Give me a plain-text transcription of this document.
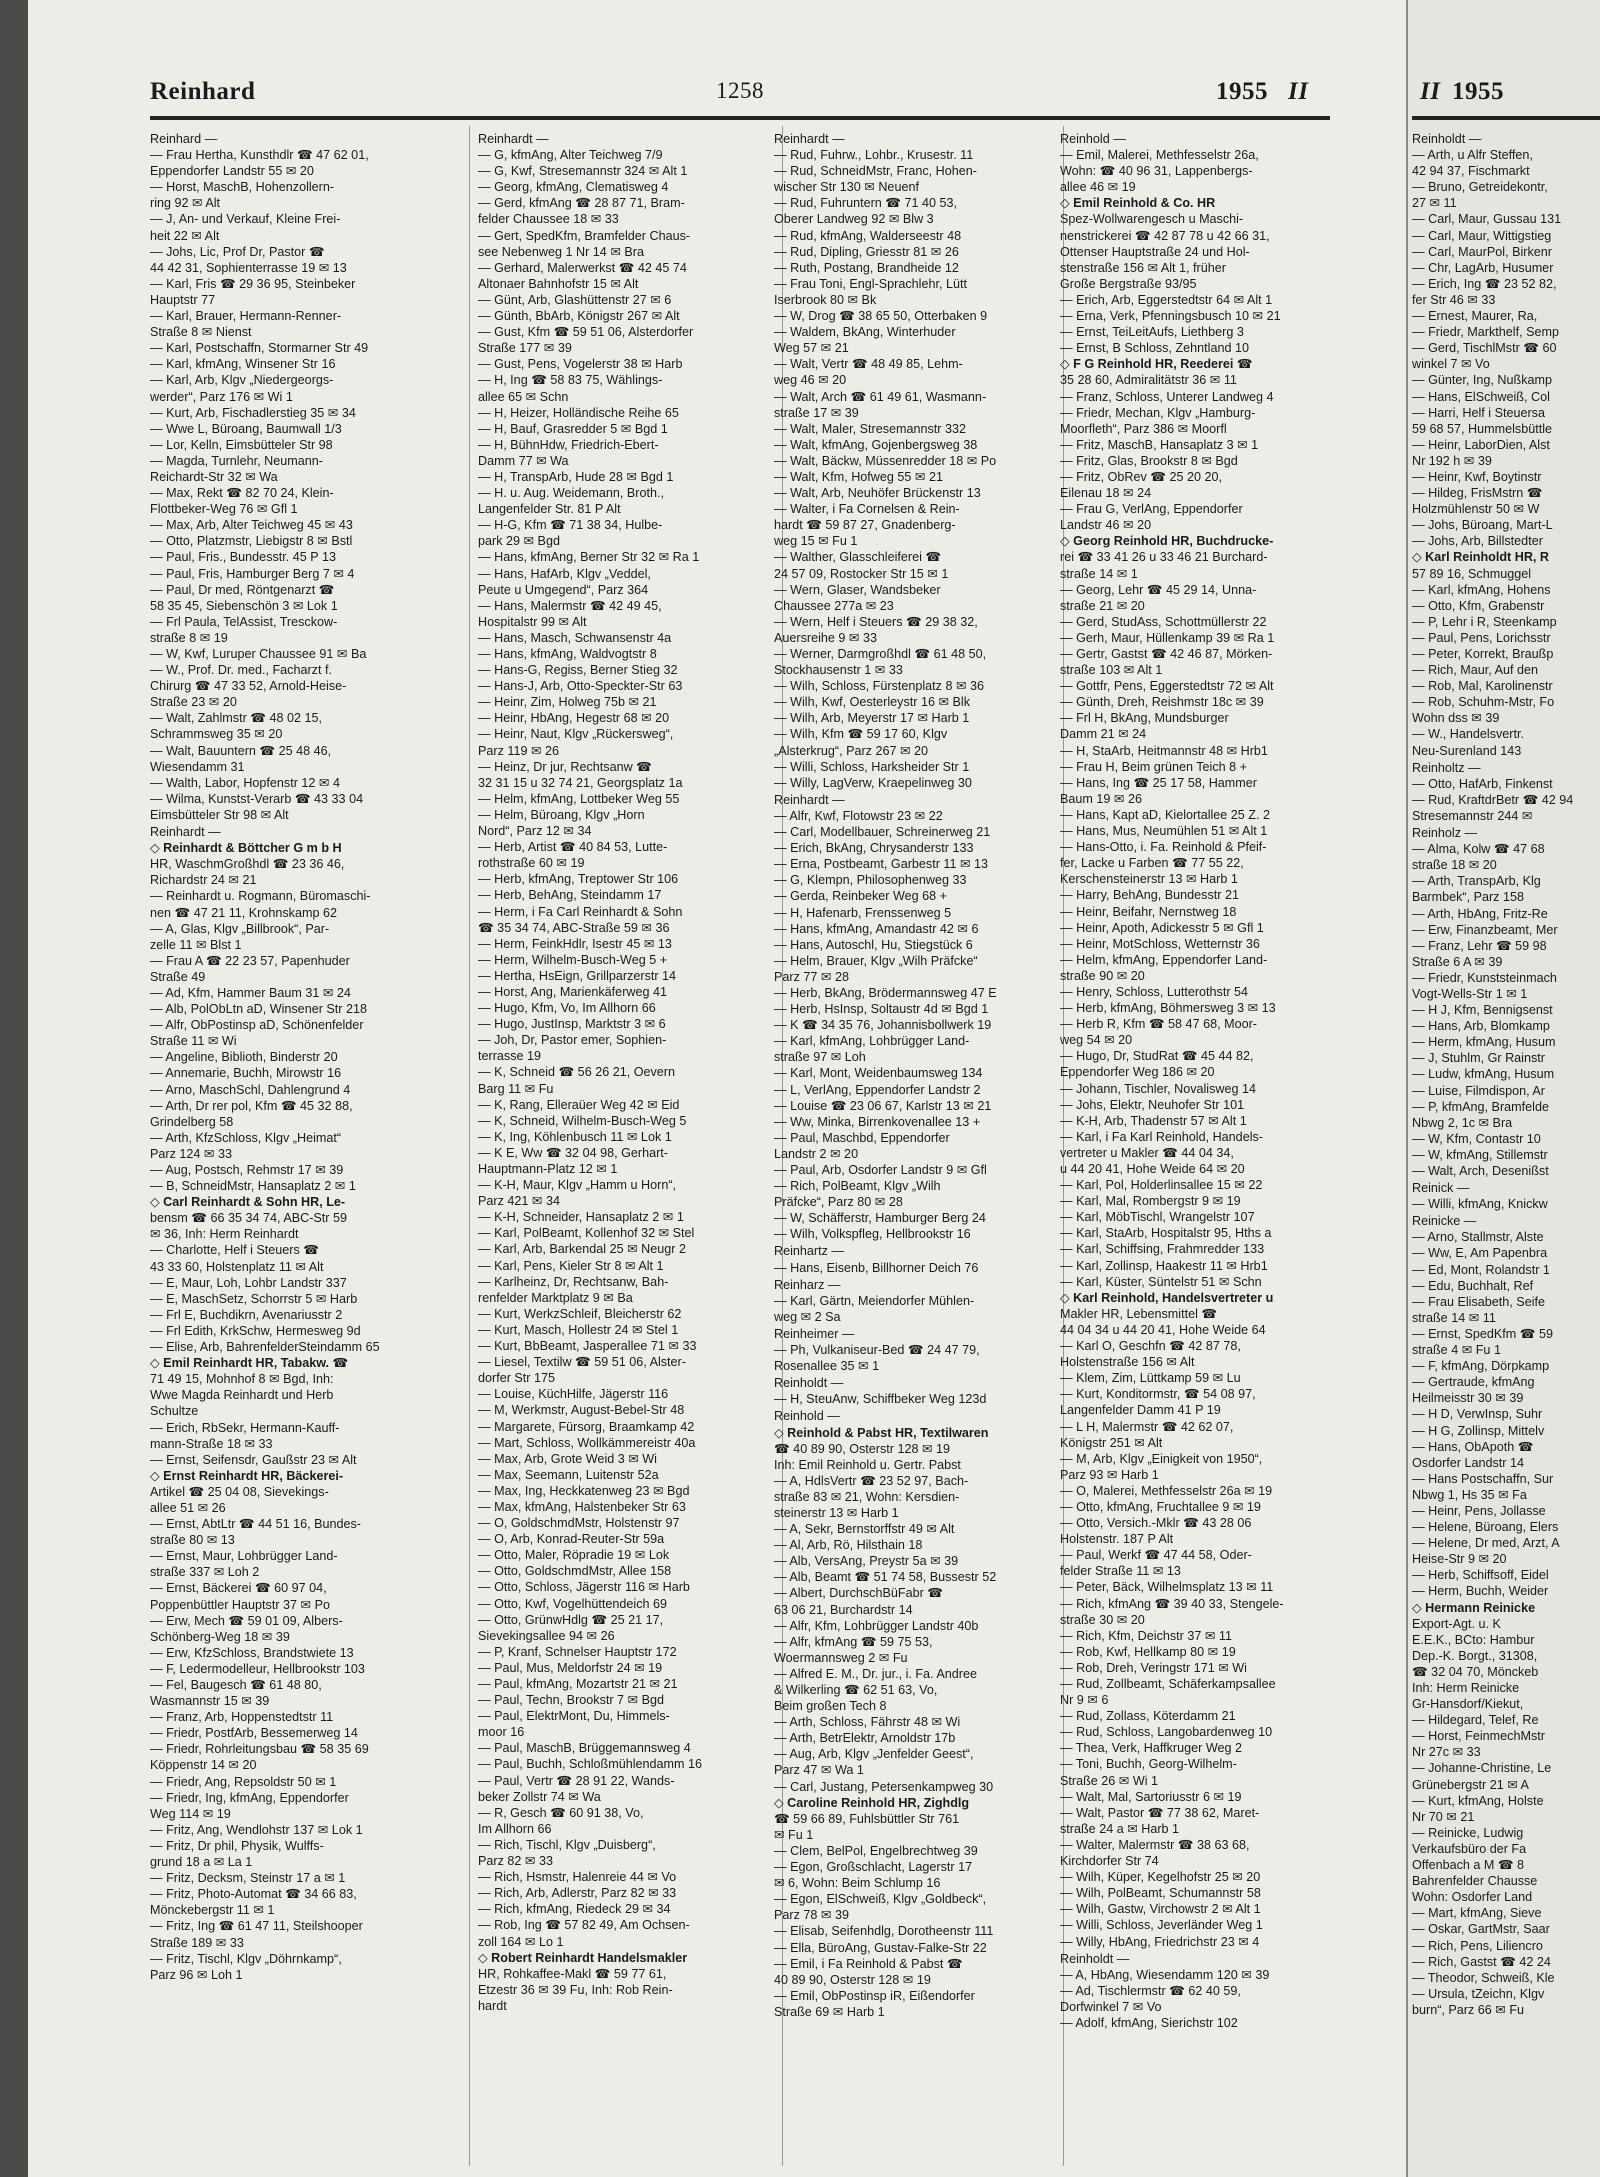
Reinhard	1258	1955 II	II 1955
Reinhard —
— Frau Hertha, Kunsthdlr ☎ 47 62 01,
Eppendorfer Landstr 55 ✉ 20
— Horst, MaschB, Hohenzollern-
ring 92 ✉ Alt
— J, An- und Verkauf, Kleine Frei-
heit 22 ✉ Alt
— Johs, Lic, Prof Dr, Pastor ☎
44 42 31, Sophienterrasse 19 ✉ 13
— Karl, Fris ☎ 29 36 95, Steinbeker
Hauptstr 77
— Karl, Brauer, Hermann-Renner-
Straße 8 ✉ Nienst
— Karl, Postschaffn, Stormarner Str 49
— Karl, kfmAng, Winsener Str 16
— Karl, Arb, Klgv „Niedergeorgs-
werder“, Parz 176 ✉ Wi 1
— Kurt, Arb, Fischadlerstieg 35 ✉ 34
— Wwe L, Büroang, Baumwall 1/3
— Lor, Kelln, Eimsbütteler Str 98
— Magda, Turnlehr, Neumann-
Reichardt-Str 32 ✉ Wa
— Max, Rekt ☎ 82 70 24, Klein-
Flottbeker-Weg 76 ✉ Gfl 1
— Max, Arb, Alter Teichweg 45 ✉ 43
— Otto, Platzmstr, Liebigstr 8 ✉ Bstl
— Paul, Fris., Bundesstr. 45 P 13
— Paul, Fris, Hamburger Berg 7 ✉ 4
— Paul, Dr med, Röntgenarzt ☎
58 35 45, Siebenschön 3 ✉ Lok 1
— Frl Paula, TelAssist, Tresckow-
straße 8 ✉ 19
— W, Kwf, Luruper Chaussee 91 ✉ Ba
— W., Prof. Dr. med., Facharzt f.
Chirurg ☎ 47 33 52, Arnold-Heise-
Straße 23 ✉ 20
— Walt, Zahlmstr ☎ 48 02 15,
Schrammsweg 35 ✉ 20
— Walt, Bauuntern ☎ 25 48 46,
Wiesendamm 31
— Walth, Labor, Hopfenstr 12 ✉ 4
— Wilma, Kunstst-Verarb ☎ 43 33 04
Eimsbütteler Str 98 ✉ Alt
Reinhardt —
◇ Reinhardt & Böttcher G m b H
HR, WaschmGroßhdl ☎ 23 36 46,
Richardstr 24 ✉ 21
— Reinhardt u. Rogmann, Büromaschi-
nen ☎ 47 21 11, Krohnskamp 62
— A, Glas, Klgv „Billbrook“, Par-
zelle 11 ✉ Blst 1
— Frau A ☎ 22 23 57, Papenhuder
Straße 49
— Ad, Kfm, Hammer Baum 31 ✉ 24
— Alb, PolObLtn aD, Winsener Str 218
— Alfr, ObPostinsp aD, Schönenfelder
Straße 11 ✉ Wi
— Angeline, Biblioth, Binderstr 20
— Annemarie, Buchh, Mirowstr 16
— Arno, MaschSchl, Dahlengrund 4
— Arth, Dr rer pol, Kfm ☎ 45 32 88,
Grindelberg 58
— Arth, KfzSchloss, Klgv „Heimat“
Parz 124 ✉ 33
— Aug, Postsch, Rehmstr 17 ✉ 39
— B, SchneidMstr, Hansaplatz 2 ✉ 1
◇ Carl Reinhardt & Sohn HR, Le-
bensm ☎ 66 35 34 74, ABC-Str 59
✉ 36, Inh: Herm Reinhardt
— Charlotte, Helf i Steuers ☎
43 33 60, Holstenplatz 11 ✉ Alt
— E, Maur, Loh, Lohbr Landstr 337
— E, MaschSetz, Schorrstr 5 ✉ Harb
— Frl E, Buchdikrn, Avenariusstr 2
— Frl Edith, KrkSchw, Hermesweg 9d
— Elise, Arb, BahrenfelderSteindamm 65
◇ Emil Reinhardt HR, Tabakw. ☎
71 49 15, Mohnhof 8 ✉ Bgd, Inh:
Wwe Magda Reinhardt und Herb
Schultze
— Erich, RbSekr, Hermann-Kauff-
mann-Straße 18 ✉ 33
— Ernst, Seifensdr, Gaußstr 23 ✉ Alt
◇ Ernst Reinhardt HR, Bäckerei-
Artikel ☎ 25 04 08, Sievekings-
allee 51 ✉ 26
— Ernst, AbtLtr ☎ 44 51 16, Bundes-
straße 80 ✉ 13
— Ernst, Maur, Lohbrügger Land-
straße 337 ✉ Loh 2
— Ernst, Bäckerei ☎ 60 97 04,
Poppenbüttler Hauptstr 37 ✉ Po
— Erw, Mech ☎ 59 01 09, Albers-
Schönberg-Weg 18 ✉ 39
— Erw, KfzSchloss, Brandstwiete 13
— F, Ledermodelleur, Hellbrookstr 103
— Fel, Baugesch ☎ 61 48 80,
Wasmannstr 15 ✉ 39
— Franz, Arb, Hoppenstedtstr 11
— Friedr, PostfArb, Bessemerweg 14
— Friedr, Rohrleitungsbau ☎ 58 35 69
Köppenstr 14 ✉ 20
— Friedr, Ang, Repsoldstr 50 ✉ 1
— Friedr, Ing, kfmAng, Eppendorfer
Weg 114 ✉ 19
— Fritz, Ang, Wendlohstr 137 ✉ Lok 1
— Fritz, Dr phil, Physik, Wulffs-
grund 18 a ✉ La 1
— Fritz, Decksm, Steinstr 17 a ✉ 1
— Fritz, Photo-Automat ☎ 34 66 83,
Mönckebergstr 11 ✉ 1
— Fritz, Ing ☎ 61 47 11, Steilshooper
Straße 189 ✉ 33
— Fritz, Tischl, Klgv „Döhrnkamp“,
Parz 96 ✉ Loh 1
Reinhardt —
— G, kfmAng, Alter Teichweg 7/9
— G, Kwf, Stresemannstr 324 ✉ Alt 1
— Georg, kfmAng, Clematisweg 4
— Gerd, kfmAng ☎ 28 87 71, Bram-
felder Chaussee 18 ✉ 33
— Gert, SpedKfm, Bramfelder Chaus-
see Nebenweg 1 Nr 14 ✉ Bra
— Gerhard, Malerwerkst ☎ 42 45 74
Altonaer Bahnhofstr 15 ✉ Alt
— Günt, Arb, Glashüttenstr 27 ✉ 6
— Günth, BbArb, Königstr 267 ✉ Alt
— Gust, Kfm ☎ 59 51 06, Alsterdorfer
Straße 177 ✉ 39
— Gust, Pens, Vogelerstr 38 ✉ Harb
— H, Ing ☎ 58 83 75, Wählings-
allee 65 ✉ Schn
— H, Heizer, Holländische Reihe 65
— H, Bauf, Grasredder 5 ✉ Bgd 1
— H, BühnHdw, Friedrich-Ebert-
Damm 77 ✉ Wa
— H, TranspArb, Hude 28 ✉ Bgd 1
— H. u. Aug. Weidemann, Broth.,
Langenfelder Str. 81 P Alt
— H-G, Kfm ☎ 71 38 34, Hulbe-
park 29 ✉ Bgd
— Hans, kfmAng, Berner Str 32 ✉ Ra 1
— Hans, HafArb, Klgv „Veddel,
Peute u Umgegend“, Parz 364
— Hans, Malermstr ☎ 42 49 45,
Hospitalstr 99 ✉ Alt
— Hans, Masch, Schwansenstr 4a
— Hans, kfmAng, Waldvogtstr 8
— Hans-G, Regiss, Berner Stieg 32
— Hans-J, Arb, Otto-Speckter-Str 63
— Heinr, Zim, Holweg 75b ✉ 21
— Heinr, HbAng, Hegestr 68 ✉ 20
— Heinr, Naut, Klgv „Rückersweg“,
Parz 119 ✉ 26
— Heinz, Dr jur, Rechtsanw ☎
32 31 15 u 32 74 21, Georgsplatz 1a
— Helm, kfmAng, Lottbeker Weg 55
— Helm, Büroang, Klgv „Horn
Nord“, Parz 12 ✉ 34
— Herb, Artist ☎ 40 84 53, Lutte-
rothstraße 60 ✉ 19
— Herb, kfmAng, Treptower Str 106
— Herb, BehAng, Steindamm 17
— Herm, i Fa Carl Reinhardt & Sohn
☎ 35 34 74, ABC-Straße 59 ✉ 36
— Herm, FeinkHdlr, Isestr 45 ✉ 13
— Herm, Wilhelm-Busch-Weg 5 +
— Hertha, HsEign, Grillparzerstr 14
— Horst, Ang, Marienkäferweg 41
— Hugo, Kfm, Vo, Im Allhorn 66
— Hugo, JustInsp, Marktstr 3 ✉ 6
— Joh, Dr, Pastor emer, Sophien-
terrasse 19
— K, Schneid ☎ 56 26 21, Oevern
Barg 11 ✉ Fu
— K, Rang, Elleraüer Weg 42 ✉ Eid
— K, Schneid, Wilhelm-Busch-Weg 5
— K, Ing, Köhlenbusch 11 ✉ Lok 1
— K E, Ww ☎ 32 04 98, Gerhart-
Hauptmann-Platz 12 ✉ 1
— K-H, Maur, Klgv „Hamm u Horn“,
Parz 421 ✉ 34
— K-H, Schneider, Hansaplatz 2 ✉ 1
— Karl, PolBeamt, Kollenhof 32 ✉ Stel
— Karl, Arb, Barkendal 25 ✉ Neugr 2
— Karl, Pens, Kieler Str 8 ✉ Alt 1
— Karlheinz, Dr, Rechtsanw, Bah-
renfelder Marktplatz 9 ✉ Ba
— Kurt, WerkzSchleif, Bleicherstr 62
— Kurt, Masch, Hollestr 24 ✉ Stel 1
— Kurt, BbBeamt, Jasperallee 71 ✉ 33
— Liesel, Textilw ☎ 59 51 06, Alster-
dorfer Str 175
— Louise, KüchHilfe, Jägerstr 116
— M, Werkmstr, August-Bebel-Str 48
— Margarete, Fürsorg, Braamkamp 42
— Mart, Schloss, Wollkämmereistr 40a
— Max, Arb, Grote Weid 3 ✉ Wi
— Max, Seemann, Luitenstr 52a
— Max, Ing, Heckkatenweg 23 ✉ Bgd
— Max, kfmAng, Halstenbeker Str 63
— O, GoldschmdMstr, Holstenstr 97
— O, Arb, Konrad-Reuter-Str 59a
— Otto, Maler, Röpradie 19 ✉ Lok
— Otto, GoldschmdMstr, Allee 158
— Otto, Schloss, Jägerstr 116 ✉ Harb
— Otto, Kwf, Vogelhüttendeich 69
— Otto, GrünwHdlg ☎ 25 21 17,
Sievekingsallee 94 ✉ 26
— P, Kranf, Schnelser Hauptstr 172
— Paul, Mus, Meldorfstr 24 ✉ 19
— Paul, kfmAng, Mozartstr 21 ✉ 21
— Paul, Techn, Brookstr 7 ✉ Bgd
— Paul, ElektrMont, Du, Himmels-
moor 16
— Paul, MaschB, Brüggemannsweg 4
— Paul, Buchh, Schloßmühlendamm 16
— Paul, Vertr ☎ 28 91 22, Wands-
beker Zollstr 74 ✉ Wa
— R, Gesch ☎ 60 91 38, Vo,
Im Allhorn 66
— Rich, Tischl, Klgv „Duisberg“,
Parz 82 ✉ 33
— Rich, Hsmstr, Halenreie 44 ✉ Vo
— Rich, Arb, Adlerstr, Parz 82 ✉ 33
— Rich, kfmAng, Riedeck 29 ✉ 34
— Rob, Ing ☎ 57 82 49, Am Ochsen-
zoll 164 ✉ Lo 1
◇ Robert Reinhardt Handelsmakler
HR, Rohkaffee-Makl ☎ 59 77 61,
Etzestr 36 ✉ 39 Fu, Inh: Rob Rein-
hardt
Reinhardt —
— Rud, Fuhrw., Lohbr., Krusestr. 11
— Rud, SchneidMstr, Franc, Hohen-
wischer Str 130 ✉ Neuenf
— Rud, Fuhruntern ☎ 71 40 53,
Oberer Landweg 92 ✉ Blw 3
— Rud, kfmAng, Walderseestr 48
— Rud, Dipling, Griesstr 81 ✉ 26
— Ruth, Postang, Brandheide 12
— Frau Toni, Engl-Sprachlehr, Lütt
Iserbrook 80 ✉ Bk
— W, Drog ☎ 38 65 50, Otterbaken 9
— Waldem, BkAng, Winterhuder
Weg 57 ✉ 21
— Walt, Vertr ☎ 48 49 85, Lehm-
weg 46 ✉ 20
— Walt, Arch ☎ 61 49 61, Wasmann-
straße 17 ✉ 39
— Walt, Maler, Stresemannstr 332
— Walt, kfmAng, Gojenbergsweg 38
— Walt, Bäckw, Müssenredder 18 ✉ Po
— Walt, Kfm, Hofweg 55 ✉ 21
— Walt, Arb, Neuhöfer Brückenstr 13
— Walter, i Fa Cornelsen & Rein-
hardt ☎ 59 87 27, Gnadenberg-
weg 15 ✉ Fu 1
— Walther, Glasschleiferei ☎
24 57 09, Rostocker Str 15 ✉ 1
— Wern, Glaser, Wandsbeker
Chaussee 277a ✉ 23
— Wern, Helf i Steuers ☎ 29 38 32,
Auersreihe 9 ✉ 33
— Werner, Darmgroßhdl ☎ 61 48 50,
Stockhausenstr 1 ✉ 33
— Wilh, Schloss, Fürstenplatz 8 ✉ 36
— Wilh, Kwf, Oesterleystr 16 ✉ Blk
— Wilh, Arb, Meyerstr 17 ✉ Harb 1
— Wilh, Kfm ☎ 59 17 60, Klgv
„Alsterkrug“, Parz 267 ✉ 20
— Willi, Schloss, Harksheider Str 1
— Willy, LagVerw, Kraepelinweg 30
Reinhardt —
— Alfr, Kwf, Flotowstr 23 ✉ 22
— Carl, Modellbauer, Schreinerweg 21
— Erich, BkAng, Chrysanderstr 133
— Erna, Postbeamt, Garbestr 11 ✉ 13
— G, Klempn, Philosophenweg 33
— Gerda, Reinbeker Weg 68 +
— H, Hafenarb, Frenssenweg 5
— Hans, kfmAng, Amandastr 42 ✉ 6
— Hans, Autoschl, Hu, Stiegstück 6
— Helm, Brauer, Klgv „Wilh Präfcke“
Parz 77 ✉ 28
— Herb, BkAng, Brödermannsweg 47 E
— Herb, HsInsp, Soltaustr 4d ✉ Bgd 1
— K ☎ 34 35 76, Johannisbollwerk 19
— Karl, kfmAng, Lohbrügger Land-
straße 97 ✉ Loh
— Karl, Mont, Weidenbaumsweg 134
— L, VerlAng, Eppendorfer Landstr 2
— Louise ☎ 23 06 67, Karlstr 13 ✉ 21
— Ww, Minka, Birrenkovenallee 13 +
— Paul, Maschbd, Eppendorfer
Landstr 2 ✉ 20
— Paul, Arb, Osdorfer Landstr 9 ✉ Gfl
— Rich, PolBeamt, Klgv „Wilh
Präfcke“, Parz 80 ✉ 28
— W, Schäfferstr, Hamburger Berg 24
— Wilh, Volkspfleg, Hellbrookstr 16
Reinhartz —
— Hans, Eisenb, Billhorner Deich 76
Reinharz —
— Karl, Gärtn, Meiendorfer Mühlen-
weg ✉ 2 Sa
Reinheimer —
— Ph, Vulkaniseur-Bed ☎ 24 47 79,
Rosenallee 35 ✉ 1
Reinholdt —
— H, SteuAnw, Schiffbeker Weg 123d
Reinhold —
◇ Reinhold & Pabst HR, Textilwaren
☎ 40 89 90, Osterstr 128 ✉ 19
Inh: Emil Reinhold u. Gertr. Pabst
— A, HdlsVertr ☎ 23 52 97, Bach-
straße 83 ✉ 21, Wohn: Kersdien-
steinerstr 13 ✉ Harb 1
— A, Sekr, Bernstorffstr 49 ✉ Alt
— Al, Arb, Rö, Hilsthain 18
— Alb, VersAng, Preystr 5a ✉ 39
— Alb, Beamt ☎ 51 74 58, Bussestr 52
— Albert, DurchschBüFabr ☎
63 06 21, Burchardstr 14
— Alfr, Kfm, Lohbrügger Landstr 40b
— Alfr, kfmAng ☎ 59 75 53,
Woermannsweg 2 ✉ Fu
— Alfred E. M., Dr. jur., i. Fa. Andree
& Wilkerling ☎ 62 51 63, Vo,
Beim großen Tech 8
— Arth, Schloss, Fährstr 48 ✉ Wi
— Arth, BetrElektr, Arnoldstr 17b
— Aug, Arb, Klgv „Jenfelder Geest“,
Parz 47 ✉ Wa 1
— Carl, Justang, Petersenkampweg 30
◇ Caroline Reinhold HR, Zighdlg
☎ 59 66 89, Fuhlsbüttler Str 761
✉ Fu 1
— Clem, BelPol, Engelbrechtweg 39
— Egon, Großschlacht, Lagerstr 17
✉ 6, Wohn: Beim Schlump 16
— Egon, ElSchweiß, Klgv „Goldbeck“,
Parz 78 ✉ 39
— Elisab, Seifenhdlg, Dorotheenstr 111
— Ella, BüroAng, Gustav-Falke-Str 22
— Emil, i Fa Reinhold & Pabst ☎
40 89 90, Osterstr 128 ✉ 19
— Emil, ObPostinsp iR, Eißendorfer
Straße 69 ✉ Harb 1
Reinhold —
— Emil, Malerei, Methfesselstr 26a,
Wohn: ☎ 40 96 31, Lappenbergs-
allee 46 ✉ 19
◇ Emil Reinhold & Co. HR
Spez-Wollwarengesch u Maschi-
nenstrickerei ☎ 42 87 78 u 42 66 31,
Ottenser Hauptstraße 24 und Hol-
stenstraße 156 ✉ Alt 1, früher
Große Bergstraße 93/95
— Erich, Arb, Eggerstedtstr 64 ✉ Alt 1
— Erna, Verk, Pfenningsbusch 10 ✉ 21
— Ernst, TeiLeitAufs, Liethberg 3
— Ernst, B Schloss, Zehntland 10
◇ F G Reinhold HR, Reederei ☎
35 28 60, Admiralitätstr 36 ✉ 11
— Franz, Schloss, Unterer Landweg 4
— Friedr, Mechan, Klgv „Hamburg-
Moorfleth“, Parz 386 ✉ Moorfl
— Fritz, MaschB, Hansaplatz 3 ✉ 1
— Fritz, Glas, Brookstr 8 ✉ Bgd
— Fritz, ObRev ☎ 25 20 20,
Eilenau 18 ✉ 24
— Frau G, VerlAng, Eppendorfer
Landstr 46 ✉ 20
◇ Georg Reinhold HR, Buchdrucke-
rei ☎ 33 41 26 u 33 46 21 Burchard-
straße 14 ✉ 1
— Georg, Lehr ☎ 45 29 14, Unna-
straße 21 ✉ 20
— Gerd, StudAss, Schottmüllerstr 22
— Gerh, Maur, Hüllenkamp 39 ✉ Ra 1
— Gertr, Gastst ☎ 42 46 87, Mörken-
straße 103 ✉ Alt 1
— Gottfr, Pens, Eggerstedtstr 72 ✉ Alt
— Günth, Dreh, Reishmstr 18c ✉ 39
— Frl H, BkAng, Mundsburger
Damm 21 ✉ 24
— H, StaArb, Heitmannstr 48 ✉ Hrb1
— Frau H, Beim grünen Teich 8 +
— Hans, Ing ☎ 25 17 58, Hammer
Baum 19 ✉ 26
— Hans, Kapt aD, Kielortallee 25 Z. 2
— Hans, Mus, Neumühlen 51 ✉ Alt 1
— Hans-Otto, i. Fa. Reinhold & Pfeif-
fer, Lacke u Farben ☎ 77 55 22,
Kerschensteinerstr 13 ✉ Harb 1
— Harry, BehAng, Bundesstr 21
— Heinr, Beifahr, Nernstweg 18
— Heinr, Apoth, Adickesstr 5 ✉ Gfl 1
— Heinr, MotSchloss, Wetternstr 36
— Helm, kfmAng, Eppendorfer Land-
straße 90 ✉ 20
— Henry, Schloss, Lutterothstr 54
— Herb, kfmAng, Böhmersweg 3 ✉ 13
— Herb R, Kfm ☎ 58 47 68, Moor-
weg 54 ✉ 20
— Hugo, Dr, StudRat ☎ 45 44 82,
Eppendorfer Weg 186 ✉ 20
— Johann, Tischler, Novalisweg 14
— Johs, Elektr, Neuhofer Str 101
— K-H, Arb, Thadenstr 57 ✉ Alt 1
— Karl, i Fa Karl Reinhold, Handels-
vertreter u Makler ☎ 44 04 34,
u 44 20 41, Hohe Weide 64 ✉ 20
— Karl, Pol, Holderlinsallee 15 ✉ 22
— Karl, Mal, Rombergstr 9 ✉ 19
— Karl, MöbTischl, Wrangelstr 107
— Karl, StaArb, Hospitalstr 95, Hths a
— Karl, Schiffsing, Frahmredder 133
— Karl, Zollinsp, Haakestr 11 ✉ Hrb1
— Karl, Küster, Süntelstr 51 ✉ Schn
◇ Karl Reinhold, Handelsvertreter u
Makler HR, Lebensmittel ☎
44 04 34 u 44 20 41, Hohe Weide 64
— Karl O, Geschfn ☎ 42 87 78,
Holstenstraße 156 ✉ Alt
— Klem, Zim, Lüttkamp 59 ✉ Lu
— Kurt, Konditormstr, ☎ 54 08 97,
Langenfelder Damm 41 P 19
— L H, Malermstr ☎ 42 62 07,
Königstr 251 ✉ Alt
— M, Arb, Klgv „Einigkeit von 1950“,
Parz 93 ✉ Harb 1
— O, Malerei, Methfesselstr 26a ✉ 19
— Otto, kfmAng, Fruchtallee 9 ✉ 19
— Otto, Versich.-Mklr ☎ 43 28 06
Holstenstr. 187 P Alt
— Paul, Werkf ☎ 47 44 58, Oder-
felder Straße 11 ✉ 13
— Peter, Bäck, Wilhelmsplatz 13 ✉ 11
— Rich, kfmAng ☎ 39 40 33, Stengele-
straße 30 ✉ 20
— Rich, Kfm, Deichstr 37 ✉ 11
— Rob, Kwf, Hellkamp 80 ✉ 19
— Rob, Dreh, Veringstr 171 ✉ Wi
— Rud, Zollbeamt, Schäferkampsallee
Nr 9 ✉ 6
— Rud, Zollass, Köterdamm 21
— Rud, Schloss, Langobardenweg 10
— Thea, Verk, Haffkruger Weg 2
— Toni, Buchh, Georg-Wilhelm-
Straße 26 ✉ Wi 1
— Walt, Mal, Sartoriusstr 6 ✉ 19
— Walt, Pastor ☎ 77 38 62, Maret-
straße 24 a ✉ Harb 1
— Walter, Malermstr ☎ 38 63 68,
Kirchdorfer Str 74
— Wilh, Küper, Kegelhofstr 25 ✉ 20
— Wilh, PolBeamt, Schumannstr 58
— Wilh, Gastw, Virchowstr 2 ✉ Alt 1
— Willi, Schloss, Jeverländer Weg 1
— Willy, HbAng, Friedrichstr 23 ✉ 4
Reinholdt —
— A, HbAng, Wiesendamm 120 ✉ 39
— Ad, Tischlermstr ☎ 62 40 59,
Dorfwinkel 7 ✉ Vo
— Adolf, kfmAng, Sierichstr 102
Reinholdt —
— Arth, u Alfr Steffen,
42 94 37, Fischmarkt
— Bruno, Getreidekontr,
27 ✉ 11
— Carl, Maur, Gussau 131
— Carl, Maur, Wittigstieg
— Carl, MaurPol, Birkenr
— Chr, LagArb, Husumer
— Erich, Ing ☎ 23 52 82,
fer Str 46 ✉ 33
— Ernest, Maurer, Ra,
— Friedr, Markthelf, Semp
— Gerd, TischlMstr ☎ 60
winkel 7 ✉ Vo
— Günter, Ing, Nußkamp
— Hans, ElSchweiß, Col
— Harri, Helf i Steuersa
59 68 57, Hummelsbüttle
— Heinr, LaborDien, Alst
Nr 192 h ✉ 39
— Heinr, Kwf, Boytinstr
— Hildeg, FrisMstrn ☎
Holzmühlenstr 50 ✉ W
— Johs, Büroang, Mart-L
— Johs, Arb, Billstedter
◇ Karl Reinholdt HR, R
57 89 16, Schmuggel
— Karl, kfmAng, Hohens
— Otto, Kfm, Grabenstr
— P, Lehr i R, Steenkamp
— Paul, Pens, Lorichsstr
— Peter, Korrekt, Braußp
— Rich, Maur, Auf den
— Rob, Mal, Karolinenstr
— Rob, Schuhm-Mstr, Fo
Wohn dss ✉ 39
— W., Handelsvertr.
Neu-Surenland 143
Reinholtz —
— Otto, HafArb, Finkenst
— Rud, KraftdrBetr ☎ 42 94
Stresemannstr 244 ✉
Reinholz —
— Alma, Kolw ☎ 47 68
straße 18 ✉ 20
— Arth, TranspArb, Klg
Barmbek“, Parz 158
— Arth, HbAng, Fritz-Re
— Erw, Finanzbeamt, Mer
— Franz, Lehr ☎ 59 98
Straße 6 A ✉ 39
— Friedr, Kunststeinmach
Vogt-Wells-Str 1 ✉ 1
— H J, Kfm, Bennigsenst
— Hans, Arb, Blomkamp
— Herm, kfmAng, Husum
— J, Stuhlm, Gr Rainstr
— Ludw, kfmAng, Husum
— Luise, Filmdispon, Ar
— P, kfmAng, Bramfelde
Nbwg 2, 1c ✉ Bra
— W, Kfm, Contastr 10
— W, kfmAng, Stillemstr
— Walt, Arch, Desenißst
Reinick —
— Willi, kfmAng, Knickw
Reinicke —
— Arno, Stallmstr, Alste
— Ww, E, Am Papenbra
— Ed, Mont, Rolandstr 1
— Edu, Buchhalt, Ref
— Frau Elisabeth, Seife
straße 14 ✉ 11
— Ernst, SpedKfm ☎ 59
straße 4 ✉ Fu 1
— F, kfmAng, Dörpkamp
— Gertraude, kfmAng
Heilmeisstr 30 ✉ 39
— H D, VerwInsp, Suhr
— H G, Zollinsp, Mittelv
— Hans, ObApoth ☎
Osdorfer Landstr 14
— Hans Postschaffn, Sur
Nbwg 1, Hs 35 ✉ Fa
— Heinr, Pens, Jollasse
— Helene, Büroang, Elers
— Helene, Dr med, Arzt, A
Heise-Str 9 ✉ 20
— Herb, Schiffsoff, Eidel
— Herm, Buchh, Weider
◇ Hermann Reinicke
Export-Agt. u. K
E.E.K., BCto: Hambur
Dep.-K. Borgt., 31308,
☎ 32 04 70, Mönckeb
Inh: Herm Reinicke
Gr-Hansdorf/Kiekut,
— Hildegard, Telef, Re
— Horst, FeinmechMstr
Nr 27c ✉ 33
— Johanne-Christine, Le
Grünebergstr 21 ✉ A
— Kurt, kfmAng, Holste
Nr 70 ✉ 21
— Reinicke, Ludwig
Verkaufsbüro der Fa
Offenbach a M ☎ 8
Bahrenfelder Chausse
Wohn: Osdorfer Land
— Mart, kfmAng, Sieve
— Oskar, GartMstr, Saar
— Rich, Pens, Liliencro
— Rich, Gastst ☎ 42 24
— Theodor, Schweiß, Kle
— Ursula, tZeichn, Klgv
burn“, Parz 66 ✉ Fu
